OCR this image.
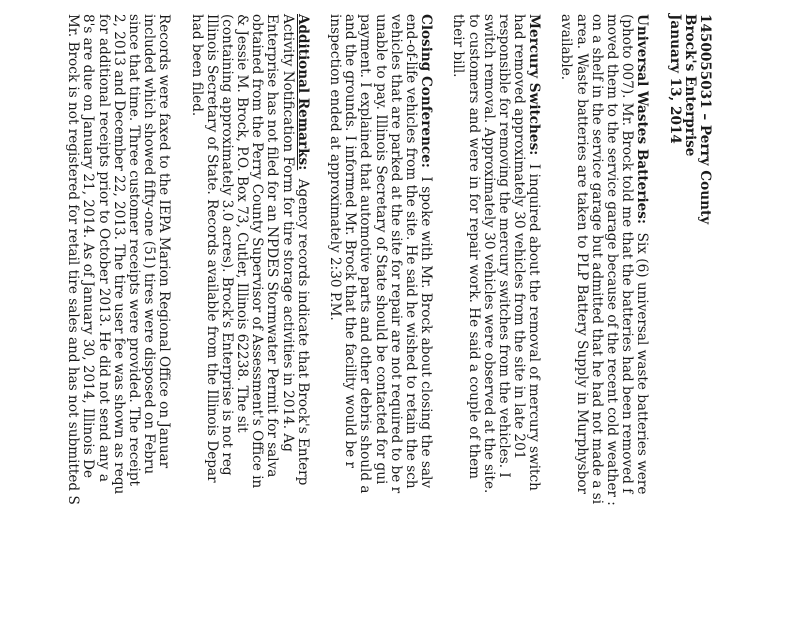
1450055031 – Perry County
Brock's Enterprise
January 13, 2014
Universal Wastes Batteries:  Six (6) universal waste batteries were
(photo 007). Mr. Brock told me that the batteries had been removed f
moved them to the service garage because of the recent cold weather :
on a shelf in the service garage but admitted that he had not made a si
area. Waste batteries are taken to PLP Battery Supply in Murphysbor
available.
Mercury Switches:  I inquired about the removal of mercury switch
had removed approximately 30 vehicles from the site in late 201
responsible for removing the mercury switches from the vehicles. I
switch removal. Approximately 30 vehicles were observed at the site.
to customers and were in for repair work. He said a couple of them
their bill.
Closing Conference:  I spoke with Mr. Brock about closing the salv
end-of-life vehicles from the site. He said he wished to retain the sch
vehicles that are parked at the site for repair are not required to be r
unable to pay. Illinois Secretary of State should be contacted for gui
payment. I explained that automotive parts and other debris should a
and the grounds. I informed Mr. Brock that the facility would be r
inspection ended at approximately 2:30 P.M.
Additional Remarks:  Agency records indicate that Brock's Enterp
Activity Notification Form for tire storage activities in 2014. Ag
Enterprise has not filed for an NPDES Stormwater Permit for salva
obtained from the Perry County Supervisor of Assessment's Office in
& Jessie M. Brock, P.O. Box 73, Cutler, Illinois 62238. The sit
(containing approximately 3.0 acres). Brock's Enterprise is not reg
Illinois Secretary of State. Records available from the Illinois Depar
had been filed.
Records were faxed to the IEPA Marion Regional Office on Januar
included which showed fifty-one (51) tires were disposed on Febru
since that time. Three customer receipts were provided. The receipt
2, 2013 and December 22, 2013. The tire user fee was shown as requ
for additional receipts prior to October 2013. He did not send any a
8's are due on January 21, 2014. As of January 30, 2014, Illinois De
Mr. Brock is not registered for retail tire sales and has not submitted S
